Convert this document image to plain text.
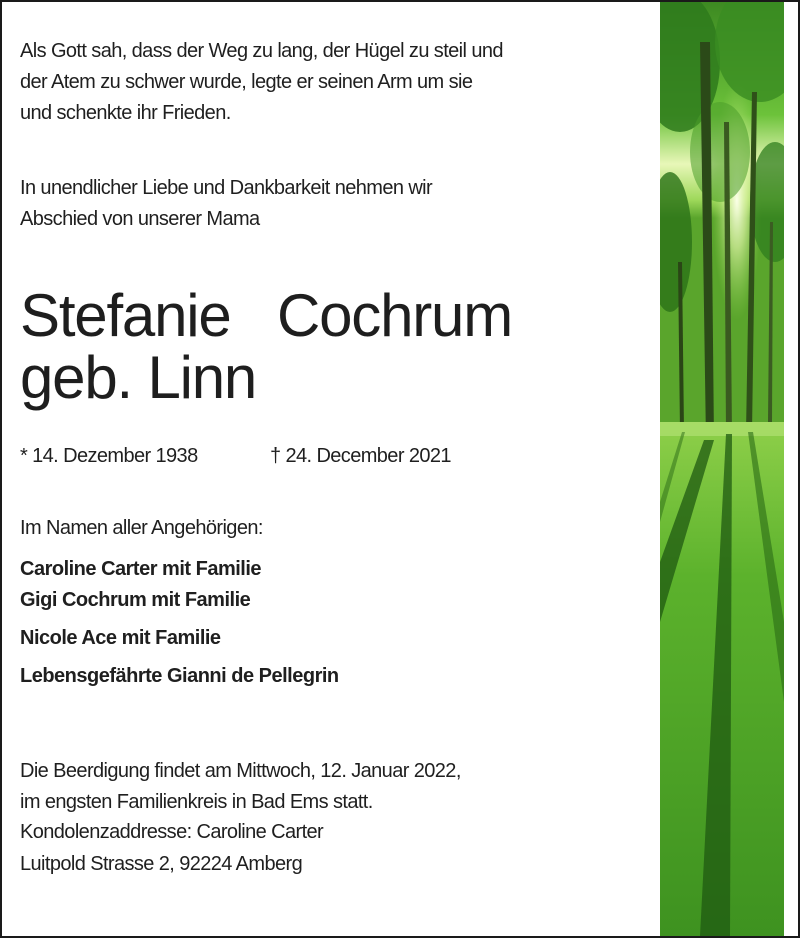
Als Gott sah, dass der Weg zu lang, der Hügel zu steil und

der Atem zu schwer wurde, legte er seinen Arm um sie

und schenkte ihr Frieden.

In unendlicher Liebe und Dankbarkeit nehmen wir

Abschied von unserer Mama

Stefanie   Cochrum
geb. Linn
* 14. Dezember 1938	† 24. December 2021

Im Namen aller Angehörigen:

Caroline Carter mit Familie

Gigi Cochrum mit Familie

Nicole Ace mit Familie

Lebensgefährte Gianni de Pellegrin

Die Beerdigung findet am Mittwoch, 12. Januar 2022,

im engsten Familienkreis in Bad Ems statt.

Kondolenzaddresse: Caroline Carter

Luitpold Strasse 2, 92224 Amberg
